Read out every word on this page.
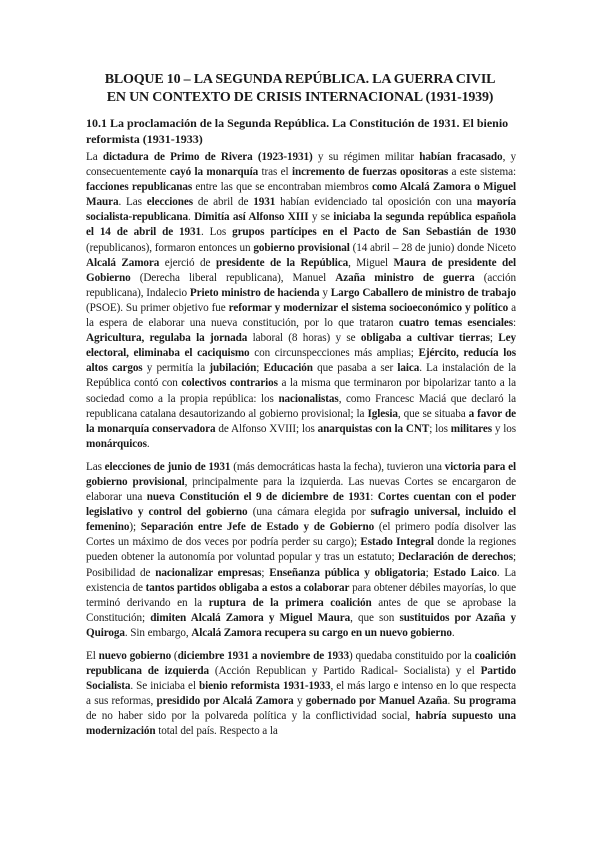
BLOQUE 10 – LA SEGUNDA REPÚBLICA. LA GUERRA CIVIL
EN UN CONTEXTO DE CRISIS INTERNACIONAL (1931-1939)
10.1 La proclamación de la Segunda República. La Constitución de 1931. El bienio reformista (1931-1933)

La dictadura de Primo de Rivera (1923-1931) y su régimen militar habían fracasado, y consecuentemente cayó la monarquía tras el incremento de fuerzas opositoras a este sistema: facciones republicanas entre las que se encontraban miembros como Alcalá Zamora o Miguel Maura. Las elecciones de abril de 1931 habían evidenciado tal oposición con una mayoría socialista-republicana. Dimitía así Alfonso XIII y se iniciaba la segunda república española el 14 de abril de 1931. Los grupos partícipes en el Pacto de San Sebastián de 1930 (republicanos), formaron entonces un gobierno provisional (14 abril – 28 de junio) donde Niceto Alcalá Zamora ejerció de presidente de la República, Miguel Maura de presidente del Gobierno (Derecha liberal republicana), Manuel Azaña ministro de guerra (acción republicana), Indalecio Prieto ministro de hacienda y Largo Caballero de ministro de trabajo (PSOE). Su primer objetivo fue reformar y modernizar el sistema socioeconómico y político a la espera de elaborar una nueva constitución, por lo que trataron cuatro temas esenciales: Agricultura, regulaba la jornada laboral (8 horas) y se obligaba a cultivar tierras; Ley electoral, eliminaba el caciquismo con circunspecciones más amplias; Ejército, reducía los altos cargos y permitía la jubilación; Educación que pasaba a ser laica. La instalación de la República contó con colectivos contrarios a la misma que terminaron por bipolarizar tanto a la sociedad como a la propia república: los nacionalistas, como Francesc Maciá que declaró la republicana catalana desautorizando al gobierno provisional; la Iglesia, que se situaba a favor de la monarquía conservadora de Alfonso XVIII; los anarquistas con la CNT; los militares y los monárquicos.

Las elecciones de junio de 1931 (más democráticas hasta la fecha), tuvieron una victoria para el gobierno provisional, principalmente para la izquierda. Las nuevas Cortes se encargaron de elaborar una nueva Constitución el 9 de diciembre de 1931: Cortes cuentan con el poder legislativo y control del gobierno (una cámara elegida por sufragio universal, incluido el femenino); Separación entre Jefe de Estado y de Gobierno (el primero podía disolver las Cortes un máximo de dos veces por podría perder su cargo); Estado Integral donde la regiones pueden obtener la autonomía por voluntad popular y tras un estatuto; Declaración de derechos; Posibilidad de nacionalizar empresas; Enseñanza pública y obligatoria; Estado Laico. La existencia de tantos partidos obligaba a estos a colaborar para obtener débiles mayorías, lo que terminó derivando en la ruptura de la primera coalición antes de que se aprobase la Constitución; dimiten Alcalá Zamora y Miguel Maura, que son sustituidos por Azaña y Quiroga. Sin embargo, Alcalá Zamora recupera su cargo en un nuevo gobierno.

El nuevo gobierno (diciembre 1931 a noviembre de 1933) quedaba constituido por la coalición republicana de izquierda (Acción Republican y Partido Radical- Socialista) y el Partido Socialista. Se iniciaba el bienio reformista 1931-1933, el más largo e intenso en lo que respecta a sus reformas, presidido por Alcalá Zamora y gobernado por Manuel Azaña. Su programa de no haber sido por la polvareda política y la conflictividad social, habría supuesto una modernización total del país. Respecto a la
